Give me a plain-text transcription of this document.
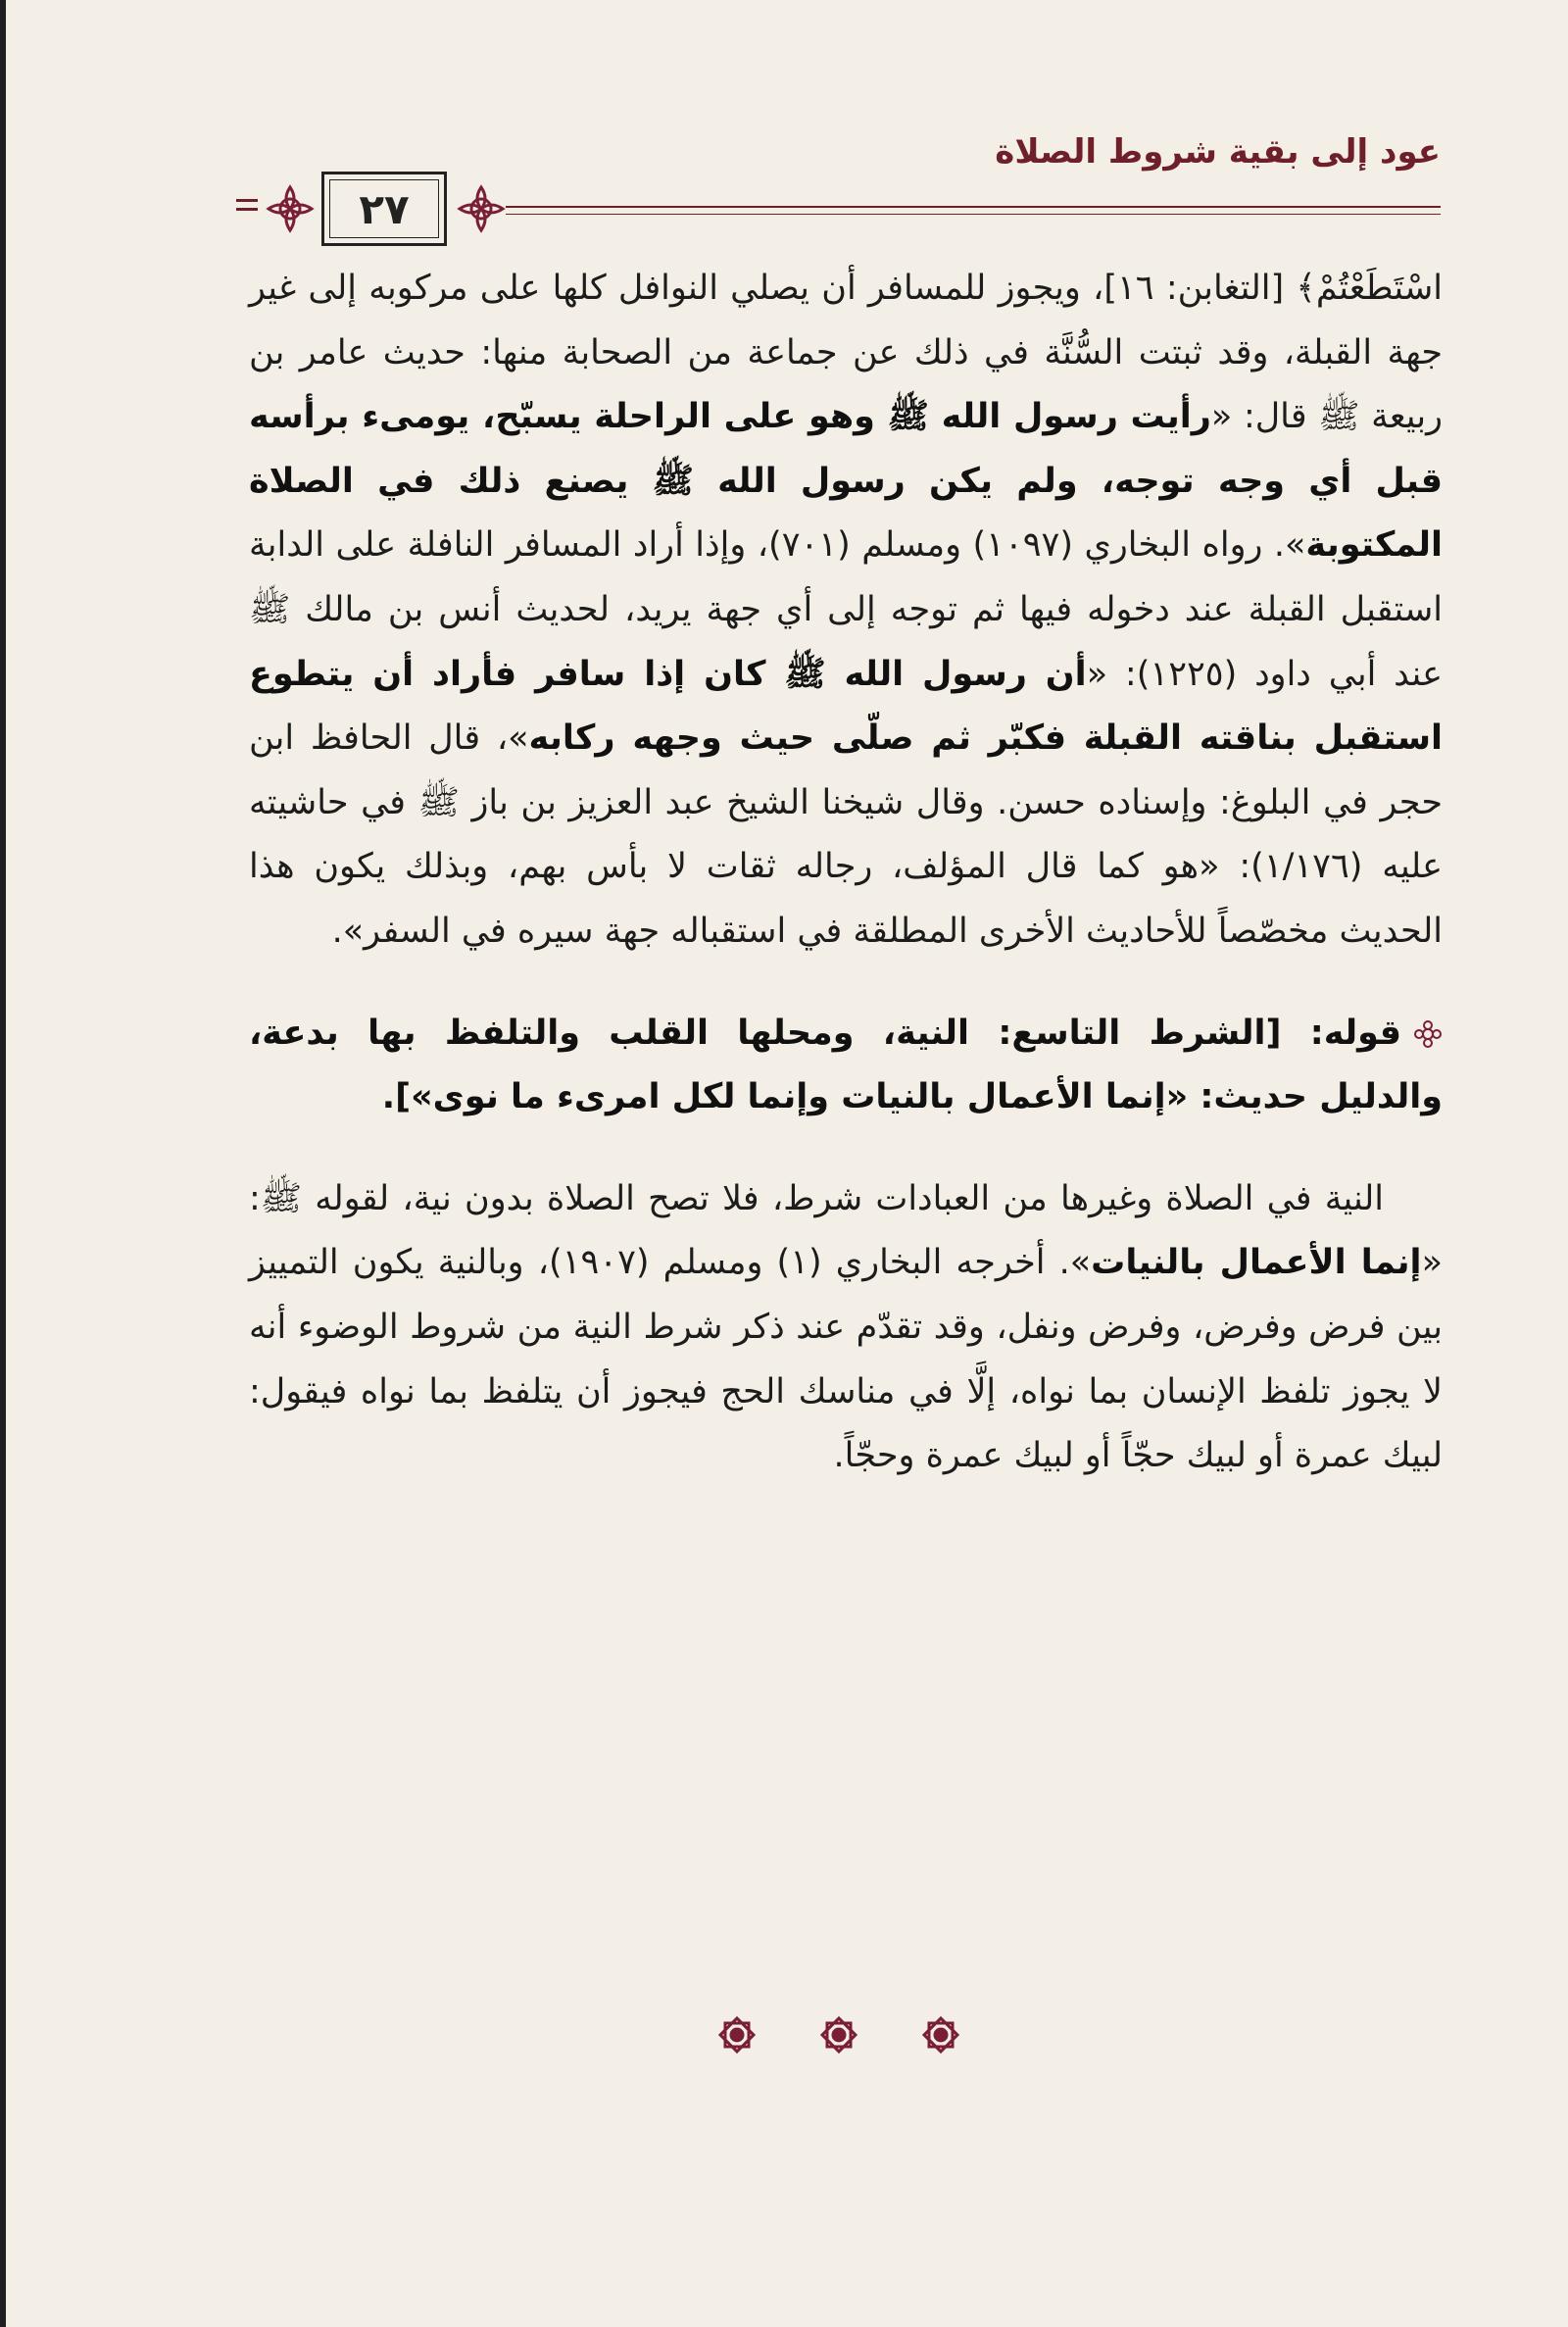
عود إلى بقية شروط الصلاة
٢٧

اسْتَطَعْتُمْ﴾ [التغابن: ١٦]، ويجوز للمسافر أن يصلي النوافل كلها على مركوبه إلى غير جهة القبلة، وقد ثبتت السُّنَّة في ذلك عن جماعة من الصحابة منها: حديث عامر بن ربيعة ﷺ قال: «رأيت رسول الله ﷺ وهو على الراحلة يسبّح، يومىء برأسه قبل أي وجه توجه، ولم يكن رسول الله ﷺ يصنع ذلك في الصلاة المكتوبة». رواه البخاري (١٠٩٧) ومسلم (٧٠١)، وإذا أراد المسافر النافلة على الدابة استقبل القبلة عند دخوله فيها ثم توجه إلى أي جهة يريد، لحديث أنس بن مالك ﷺ عند أبي داود (١٢٢٥): «أن رسول الله ﷺ كان إذا سافر فأراد أن يتطوع استقبل بناقته القبلة فكبّر ثم صلّى حيث وجهه ركابه»، قال الحافظ ابن حجر في البلوغ: وإسناده حسن. وقال شيخنا الشيخ عبد العزيز بن باز ﷺ في حاشيته عليه (١/١٧٦): «هو كما قال المؤلف، رجاله ثقات لا بأس بهم، وبذلك يكون هذا الحديث مخصّصاً للأحاديث الأخرى المطلقة في استقباله جهة سيره في السفر».

قوله: [الشرط التاسع: النية، ومحلها القلب والتلفظ بها بدعة، والدليل حديث: «إنما الأعمال بالنيات وإنما لكل امرىء ما نوى»].

النية في الصلاة وغيرها من العبادات شرط، فلا تصح الصلاة بدون نية، لقوله ﷺ: «إنما الأعمال بالنيات». أخرجه البخاري (١) ومسلم (١٩٠٧)، وبالنية يكون التمييز بين فرض وفرض، وفرض ونفل، وقد تقدّم عند ذكر شرط النية من شروط الوضوء أنه لا يجوز تلفظ الإنسان بما نواه، إلَّا في مناسك الحج فيجوز أن يتلفظ بما نواه فيقول: لبيك عمرة أو لبيك حجّاً أو لبيك عمرة وحجّاً.
